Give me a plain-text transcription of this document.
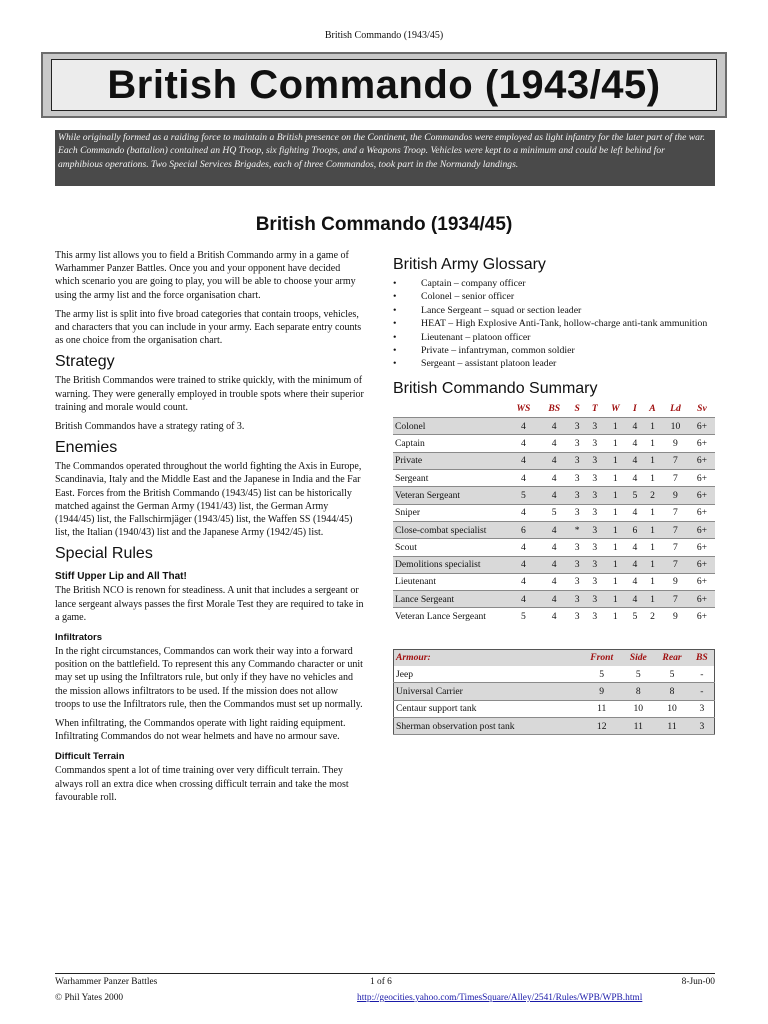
British Commando (1943/45)
British Commando (1943/45)
While originally formed as a raiding force to maintain a British presence on the Continent, the Commandos were employed as light infantry for the later part of the war. Each Commando (battalion) contained an HQ Troop, six fighting Troops, and a Weapons Troop. Vehicles were kept to a minimum and could be left behind for amphibious operations. Two Special Services Brigades, each of three Commandos, took part in the Normandy landings.
British Commando (1934/45)

This army list allows you to field a British Commando army in a game of Warhammer Panzer Battles. Once you and your opponent have decided which scenario you are going to play, you will be able to choose your army using the army list and the force organisation chart.

The army list is split into five broad categories that contain troops, vehicles, and characters that you can include in your army. Each separate entry counts as one choice from the organisation chart.

Strategy

The British Commandos were trained to strike quickly, with the minimum of warning. They were generally employed in trouble spots where their superior training and morale would count.

British Commandos have a strategy rating of 3.

Enemies

The Commandos operated throughout the world fighting the Axis in Europe, Scandinavia, Italy and the Middle East and the Japanese in India and the Far East. Forces from the British Commando (1943/45) list can be historically matched against the German Army (1941/43) list, the German Army (1944/45) list, the Fallschirmjäger (1943/45) list, the Waffen SS (1944/45) list, the Italian (1940/43) list and the Japanese Army (1942/45) list.

Special Rules
Stiff Upper Lip and All That!

The British NCO is renown for steadiness. A unit that includes a sergeant or lance sergeant always passes the first Morale Test they are required to take in a game.

Infiltrators

In the right circumstances, Commandos can work their way into a forward position on the battlefield. To represent this any Commando character or unit may set up using the Infiltrators rule, but only if they have no vehicles and the mission allows infiltrators to be used. If the mission does not allow troops to use the Infiltrators rule, then the Commandos must set up normally.

When infiltrating, the Commandos operate with light raiding equipment. Infiltrating Commandos do not wear helmets and have no armour save.

Difficult Terrain

Commandos spent a lot of time training over very difficult terrain. They always roll an extra dice when crossing difficult terrain and take the most favourable roll.

British Army Glossary
• Captain – company officer
• Colonel – senior officer
• Lance Sergeant – squad or section leader
• HEAT – High Explosive Anti-Tank, hollow-charge anti-tank ammunition
• Lieutenant – platoon officer
• Private – infantryman, common soldier
• Sergeant – assistant platoon leader
British Commando Summary
	WS	BS	S	T	W	I	A	Ld	Sv
Colonel	4	4	3	3	1	4	1	10	6+
Captain	4	4	3	3	1	4	1	9	6+
Private	4	4	3	3	1	4	1	7	6+
Sergeant	4	4	3	3	1	4	1	7	6+
Veteran Sergeant	5	4	3	3	1	5	2	9	6+
Sniper	4	5	3	3	1	4	1	7	6+
Close-combat specialist	6	4	*	3	1	6	1	7	6+
Scout	4	4	3	3	1	4	1	7	6+
Demolitions specialist	4	4	3	3	1	4	1	7	6+
Lieutenant	4	4	3	3	1	4	1	9	6+
Lance Sergeant	4	4	3	3	1	4	1	7	6+
Veteran Lance Sergeant	5	4	3	3	1	5	2	9	6+
Armour:	Front	Side	Rear	BS
Jeep	5	5	5	-
Universal Carrier	9	8	8	-
Centaur support tank	11	10	10	3
Sherman observation post tank	12	11	11	3
Warhammer Panzer Battles	1 of 6	8-Jun-00
© Phil Yates 2000	http://geocities.yahoo.com/TimesSquare/Alley/2541/Rules/WPB/WPB.html
